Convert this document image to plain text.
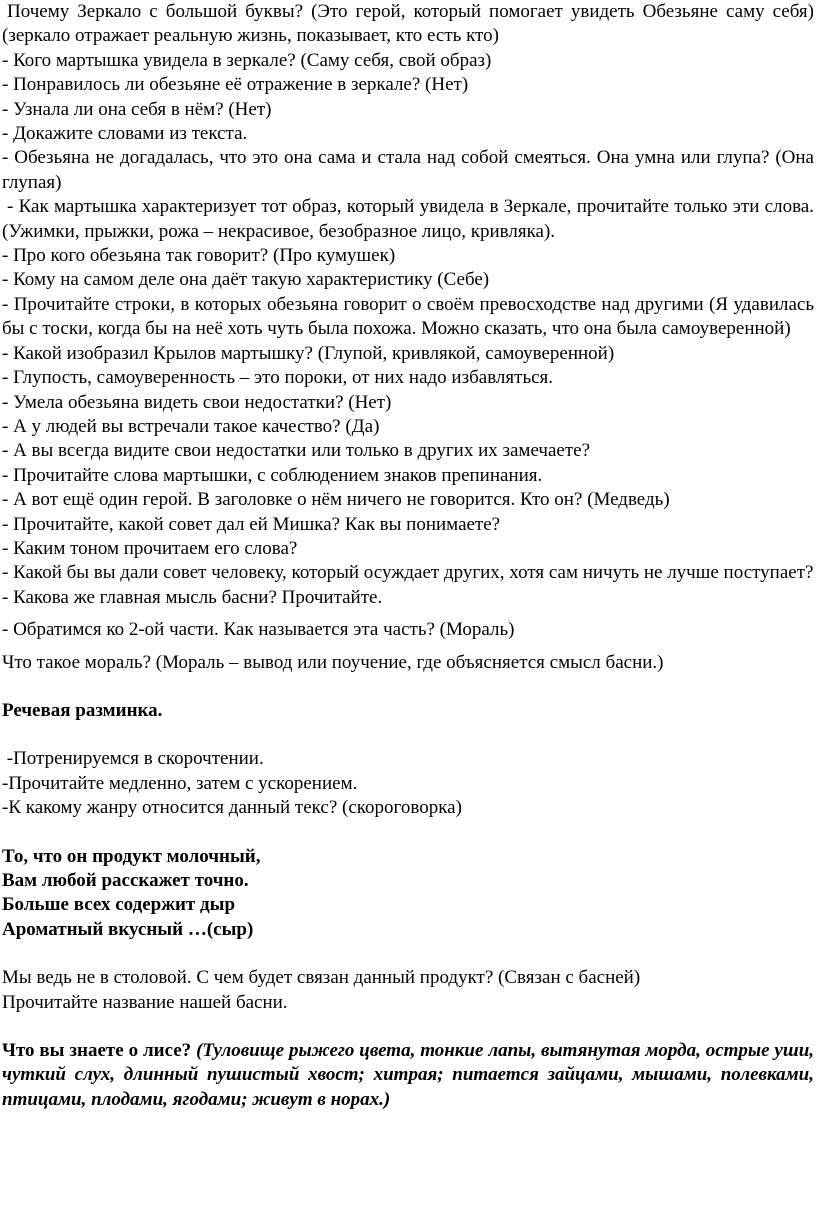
Почему Зеркало с большой буквы? (Это герой, который помогает увидеть Обезьяне саму себя) (зеркало отражает реальную жизнь, показывает, кто есть кто)

- Кого мартышка увидела в зеркале? (Саму себя, свой образ)

- Понравилось ли обезьяне её отражение в зеркале? (Нет)

- Узнала ли она себя в нём? (Нет)

- Докажите словами из текста.

- Обезьяна не догадалась, что это она сама и стала над собой смеяться. Она умна или глупа? (Она глупая)

- Как мартышка характеризует тот образ, который увидела в Зеркале, прочитайте только эти слова. (Ужимки, прыжки, рожа – некрасивое, безобразное лицо, кривляка).

- Про кого обезьяна так говорит? (Про кумушек)

- Кому на самом деле она даёт такую характеристику (Себе)

- Прочитайте строки, в которых обезьяна говорит о своём превосходстве над другими (Я удавилась бы с тоски, когда бы на неё хоть чуть была похожа. Можно сказать, что она была самоуверенной)

- Какой изобразил Крылов мартышку? (Глупой, кривлякой, самоуверенной)

- Глупость, самоуверенность – это пороки, от них надо избавляться.

- Умела обезьяна видеть свои недостатки? (Нет)

- А у людей вы встречали такое качество? (Да)

- А вы всегда видите свои недостатки или только в других их замечаете?

- Прочитайте слова мартышки, с соблюдением знаков препинания.

- А вот ещё один герой. В заголовке о нём ничего не говорится. Кто он? (Медведь)

- Прочитайте, какой совет дал ей Мишка? Как вы понимаете?

- Каким тоном прочитаем его слова?

- Какой бы вы дали совет человеку, который осуждает других, хотя сам ничуть не лучше поступает?

- Какова же главная мысль басни? Прочитайте.

- Обратимся ко 2-ой части. Как называется эта часть? (Мораль)

Что такое мораль? (Мораль – вывод или поучение, где объясняется смысл басни.)

Речевая разминка.

-Потренируемся в скорочтении.

-Прочитайте медленно, затем с ускорением.

-К какому жанру относится данный текс? (скороговорка)

То, что он продукт молочный,

Вам любой расскажет точно.

Больше всех содержит дыр

Ароматный вкусный …(сыр)

Мы ведь не в столовой. С чем будет связан данный продукт? (Связан с басней)

Прочитайте название нашей басни.

Что вы знаете о лисе? (Туловище рыжего цвета, тонкие лапы, вытянутая морда, острые уши, чуткий слух, длинный пушистый хвост; хитрая; питается зайцами, мышами, полевками, птицами, плодами, ягодами; живут в норах.)
